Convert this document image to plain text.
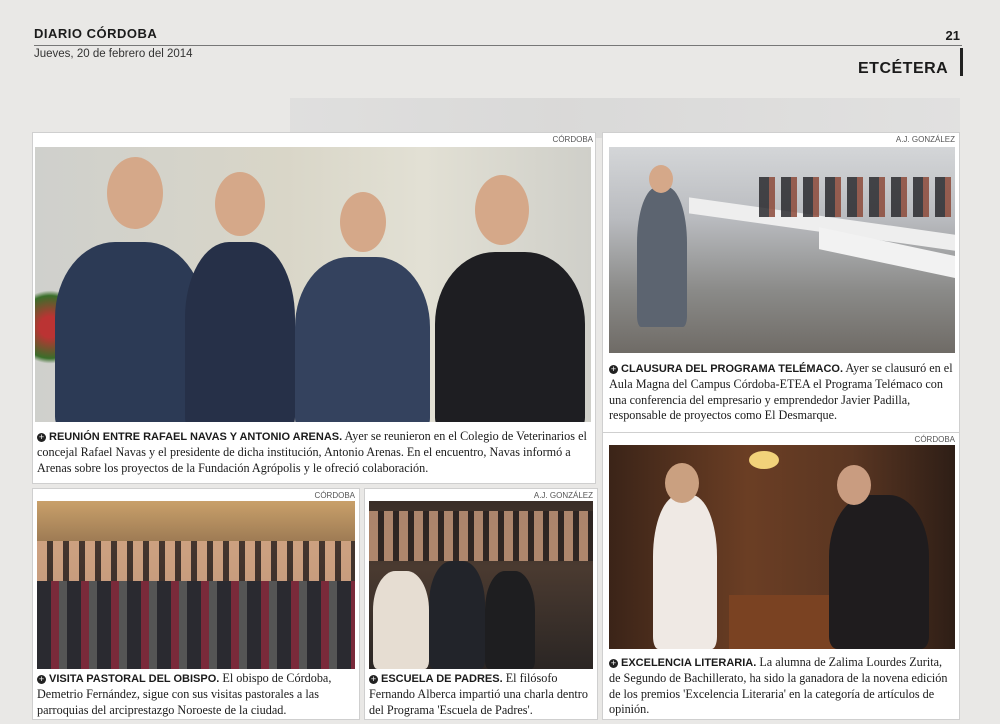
DIARIO CÓRDOBA	21
Jueves, 20 de febrero del 2014
ETCÉTERA
CÓRDOBA
+ REUNIÓN ENTRE RAFAEL NAVAS Y ANTONIO ARENAS. Ayer se reunieron en el Colegio de Veterinarios el concejal Rafael Navas y el presidente de dicha institución, Antonio Arenas. En el encuentro, Navas informó a Arenas sobre los proyectos de la Fundación Agrópolis y le ofreció colaboración.
A.J. GONZÁLEZ
+ CLAUSURA DEL PROGRAMA TELÉMACO. Ayer se clausuró en el Aula Magna del Campus Córdoba-ETEA el Programa Telémaco con una conferencia del empresario y emprendedor Javier Padilla, responsable de proyectos como El Desmarque.
CÓRDOBA
+ VISITA PASTORAL DEL OBISPO. El obispo de Córdoba, Demetrio Fernández, sigue con sus visitas pastorales a las parroquias del arciprestazgo Noroeste de la ciudad.
A.J. GONZÁLEZ
+ ESCUELA DE PADRES. El filósofo Fernando Alberca impartió una charla dentro del Programa 'Escuela de Padres'.
CÓRDOBA
+ EXCELENCIA LITERARIA. La alumna de Zalima Lourdes Zurita, de Segundo de Bachillerato, ha sido la ganadora de la novena edición de los premios 'Excelencia Literaria' en la categoría de artículos de opinión.
